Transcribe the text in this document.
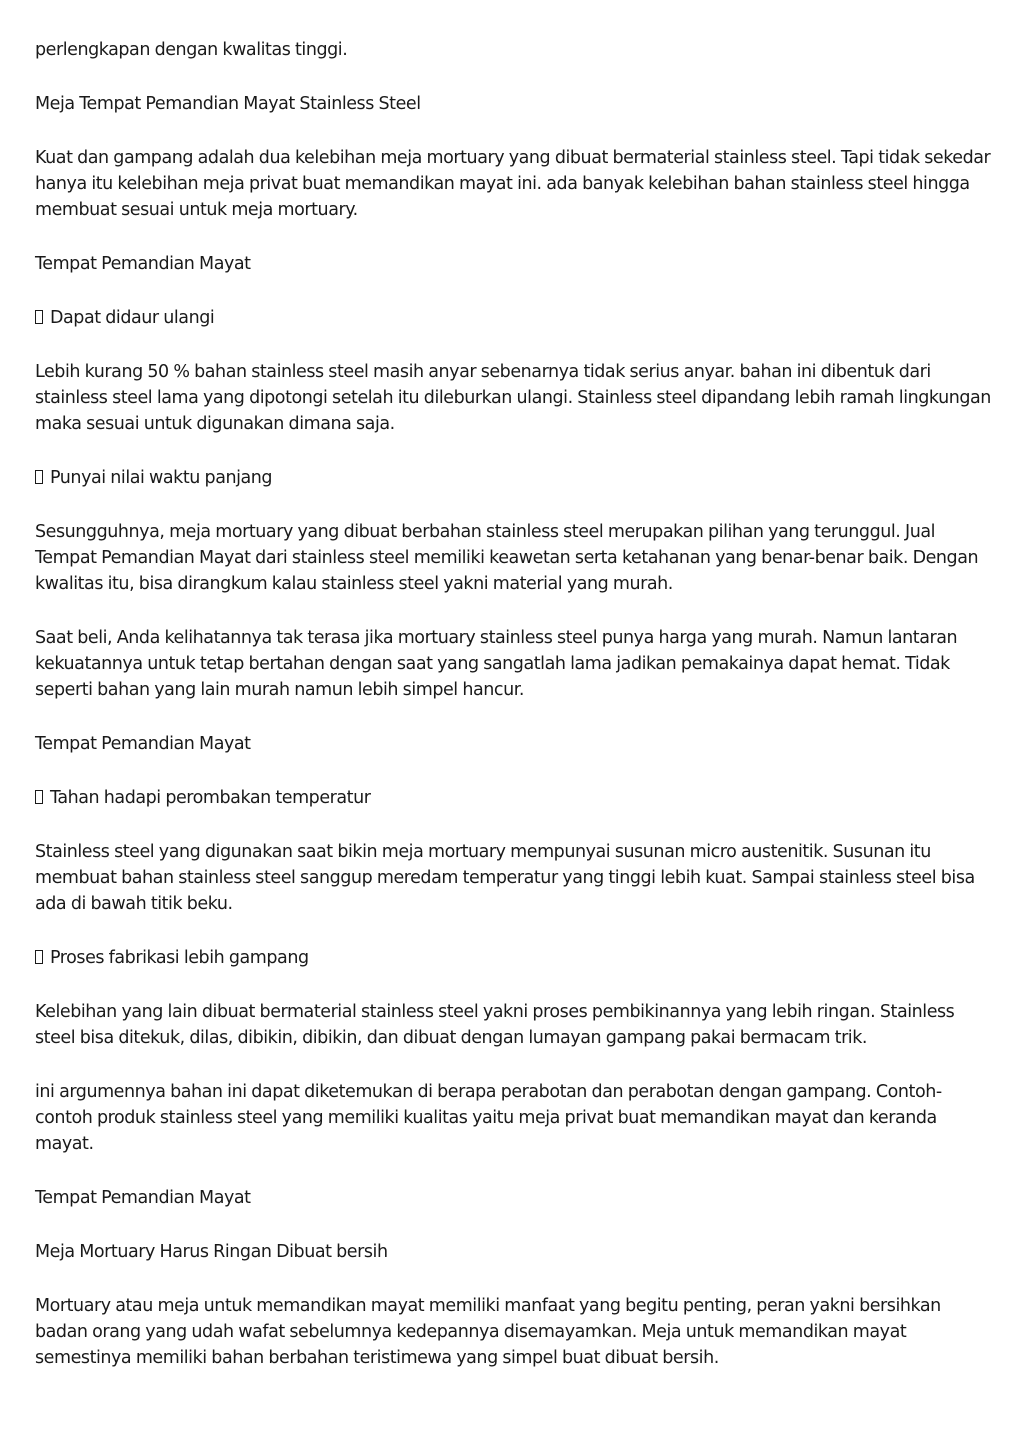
perlengkapan dengan kwalitas tinggi.

Meja Tempat Pemandian Mayat Stainless Steel

Kuat dan gampang adalah dua kelebihan meja mortuary yang dibuat bermaterial stainless steel. Tapi tidak sekedar hanya itu kelebihan meja privat buat memandikan mayat ini. ada banyak kelebihan bahan stainless steel hingga membuat sesuai untuk meja mortuary.

Tempat Pemandian Mayat

Dapat didaur ulangi

Lebih kurang 50 % bahan stainless steel masih anyar sebenarnya tidak serius anyar. bahan ini dibentuk dari stainless steel lama yang dipotongi setelah itu dileburkan ulangi. Stainless steel dipandang lebih ramah lingkungan maka sesuai untuk digunakan dimana saja.

Punyai nilai waktu panjang

Sesungguhnya, meja mortuary yang dibuat berbahan stainless steel merupakan pilihan yang terunggul. Jual Tempat Pemandian Mayat dari stainless steel memiliki keawetan serta ketahanan yang benar-benar baik. Dengan kwalitas itu, bisa dirangkum kalau stainless steel yakni material yang murah.

Saat beli, Anda kelihatannya tak terasa jika mortuary stainless steel punya harga yang murah. Namun lantaran kekuatannya untuk tetap bertahan dengan saat yang sangatlah lama jadikan pemakainya dapat hemat. Tidak seperti bahan yang lain murah namun lebih simpel hancur.

Tempat Pemandian Mayat

Tahan hadapi perombakan temperatur

Stainless steel yang digunakan saat bikin meja mortuary mempunyai susunan micro austenitik. Susunan itu membuat bahan stainless steel sanggup meredam temperatur yang tinggi lebih kuat. Sampai stainless steel bisa ada di bawah titik beku.

Proses fabrikasi lebih gampang

Kelebihan yang lain dibuat bermaterial stainless steel yakni proses pembikinannya yang lebih ringan. Stainless steel bisa ditekuk, dilas, dibikin, dibikin, dan dibuat dengan lumayan gampang pakai bermacam trik.

ini argumennya bahan ini dapat diketemukan di berapa perabotan dan perabotan dengan gampang. Contoh-contoh produk stainless steel yang memiliki kualitas yaitu meja privat buat memandikan mayat dan keranda mayat.

Tempat Pemandian Mayat

Meja Mortuary Harus Ringan Dibuat bersih

Mortuary atau meja untuk memandikan mayat memiliki manfaat yang begitu penting, peran yakni bersihkan badan orang yang udah wafat sebelumnya kedepannya disemayamkan. Meja untuk memandikan mayat semestinya memiliki bahan berbahan teristimewa yang simpel buat dibuat bersih.
